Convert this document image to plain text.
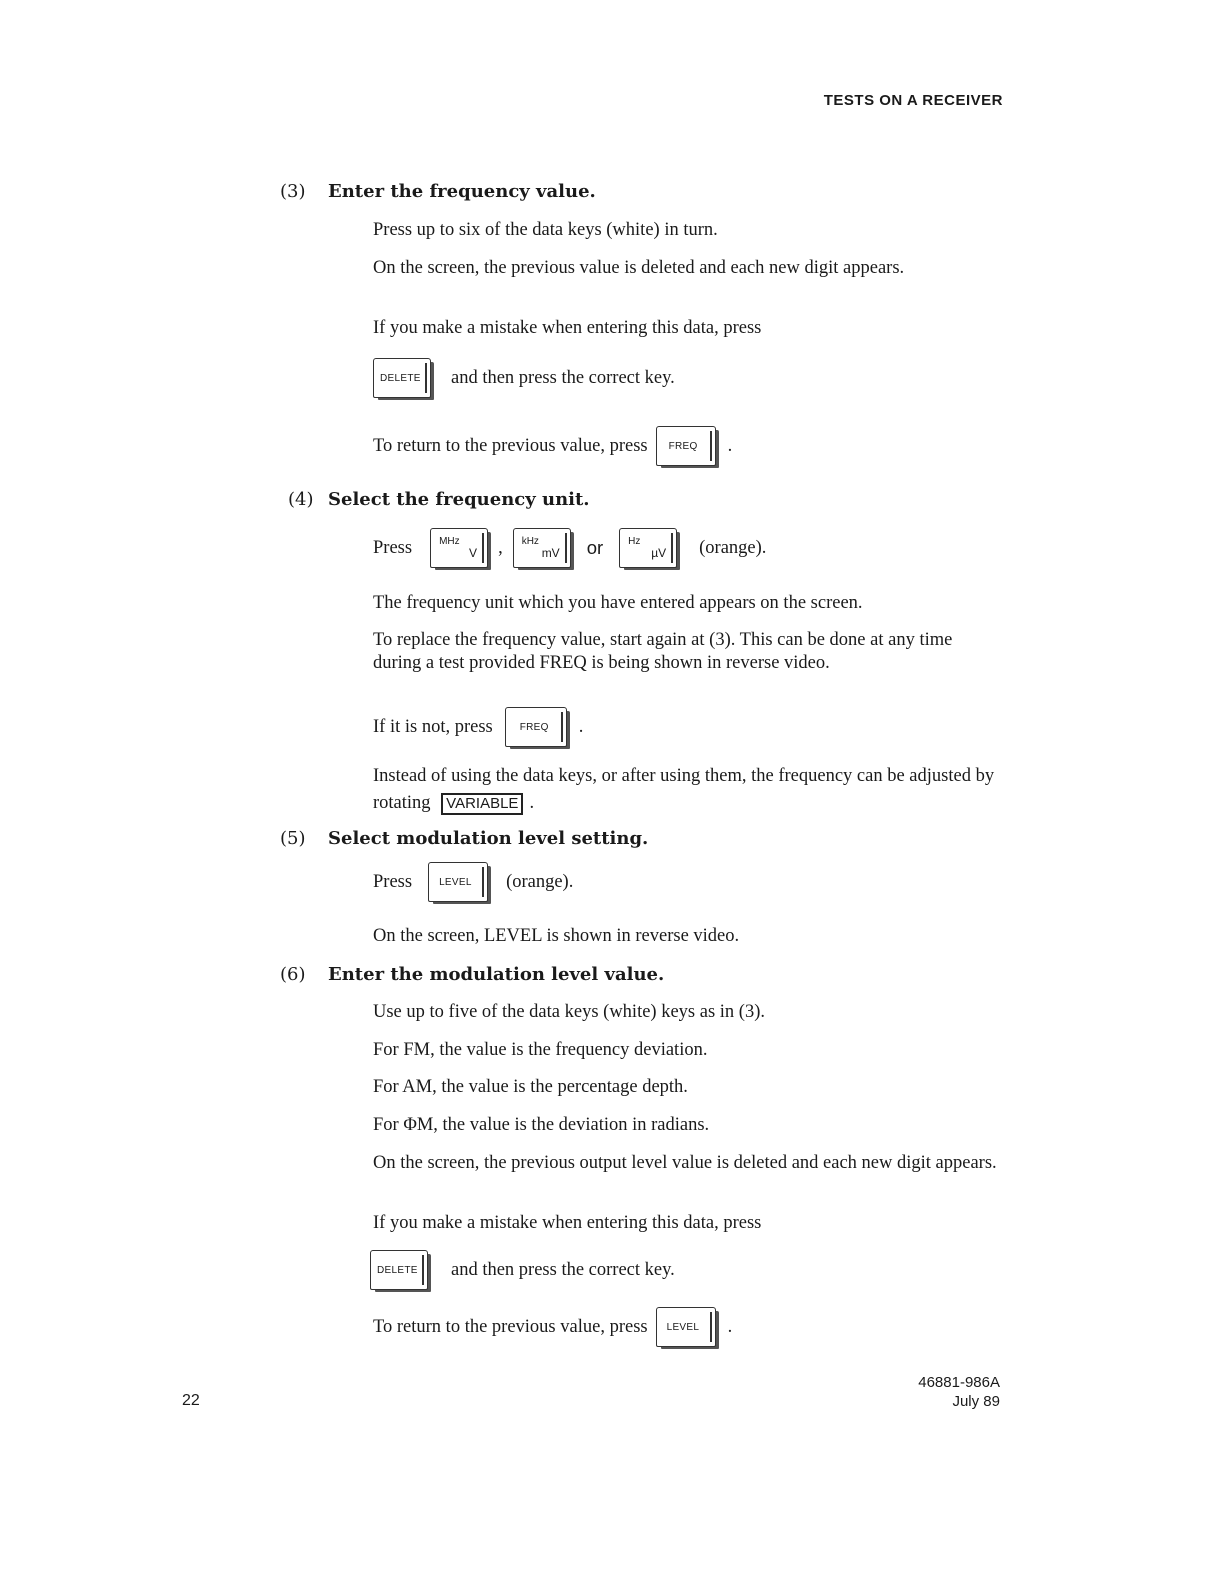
TESTS ON A RECEIVER
(3) Enter the frequency value.
Press up to six of the data keys (white) in turn.
On the screen, the previous value is deleted and each new digit appears.
If you make a mistake when entering this data, press
DELETE and then press the correct key.
To return to the previous value, press FREQ .
(4) Select the frequency unit.
Press	MHz
V , kHz
mV or	Hz
µV (orange).
The frequency unit which you have entered appears on the screen.
To replace the frequency value, start again at (3). This can be done at any time during a test provided FREQ is being shown in reverse video.
If it is not, press	FREQ .
Instead of using the data keys, or after using them, the frequency can be adjusted by rotating VARIABLE .
(5) Select modulation level setting.
Press	LEVEL (orange).
On the screen, LEVEL is shown in reverse video.
(6) Enter the modulation level value.
Use up to five of the data keys (white) keys as in (3).
For FM, the value is the frequency deviation.
For AM, the value is the percentage depth.
For ΦM, the value is the deviation in radians.
On the screen, the previous output level value is deleted and each new digit appears.
If you make a mistake when entering this data, press
DELETE and then press the correct key.
To return to the previous value, press LEVEL .
22
46881-986A
July 89
